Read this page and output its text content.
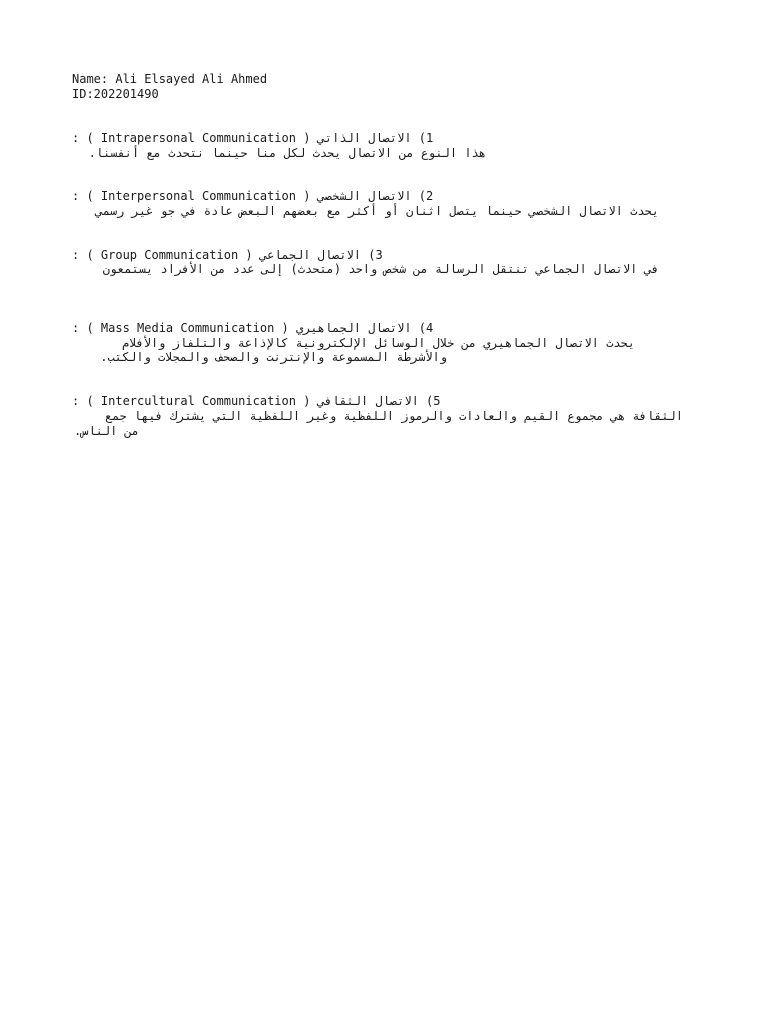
Name: Ali Elsayed Ali Ahmed
ID:202201490
1) الاتصال الذاتي ( Intrapersonal Communication ) :
هذا النوع من الاتصال يحدث لكل منا حينما نتحدث مع أنفسنا.
2) الاتصال الشخصي ( Interpersonal Communication ) :
يحدث الاتصال الشخصي حينما يتصل اثنان أو أكثر مع بعضهم البعض عادة في جو غير رسمي
3) الاتصال الجماعي ( Group Communication ) :
في الاتصال الجماعي تنتقل الرسالة من شخص واحد (متحدث) إلى عدد من الأفراد يستمعون
4) الاتصال الجماهيري ( Mass Media Communication ) :
يحدث الاتصال الجماهيري من خلال الوسائل الإلكترونية كالإذاعة والتلفاز والأفلام
والأشرطة المسموعة والإنترنت والصحف والمجلات والكتب.
5) الاتصال الثقافي ( Intercultural Communication ) :
الثقافة هي مجموع القيم والعادات والرموز اللفظية وغير اللفظية التي يشترك فيها جمع
من الناس.
